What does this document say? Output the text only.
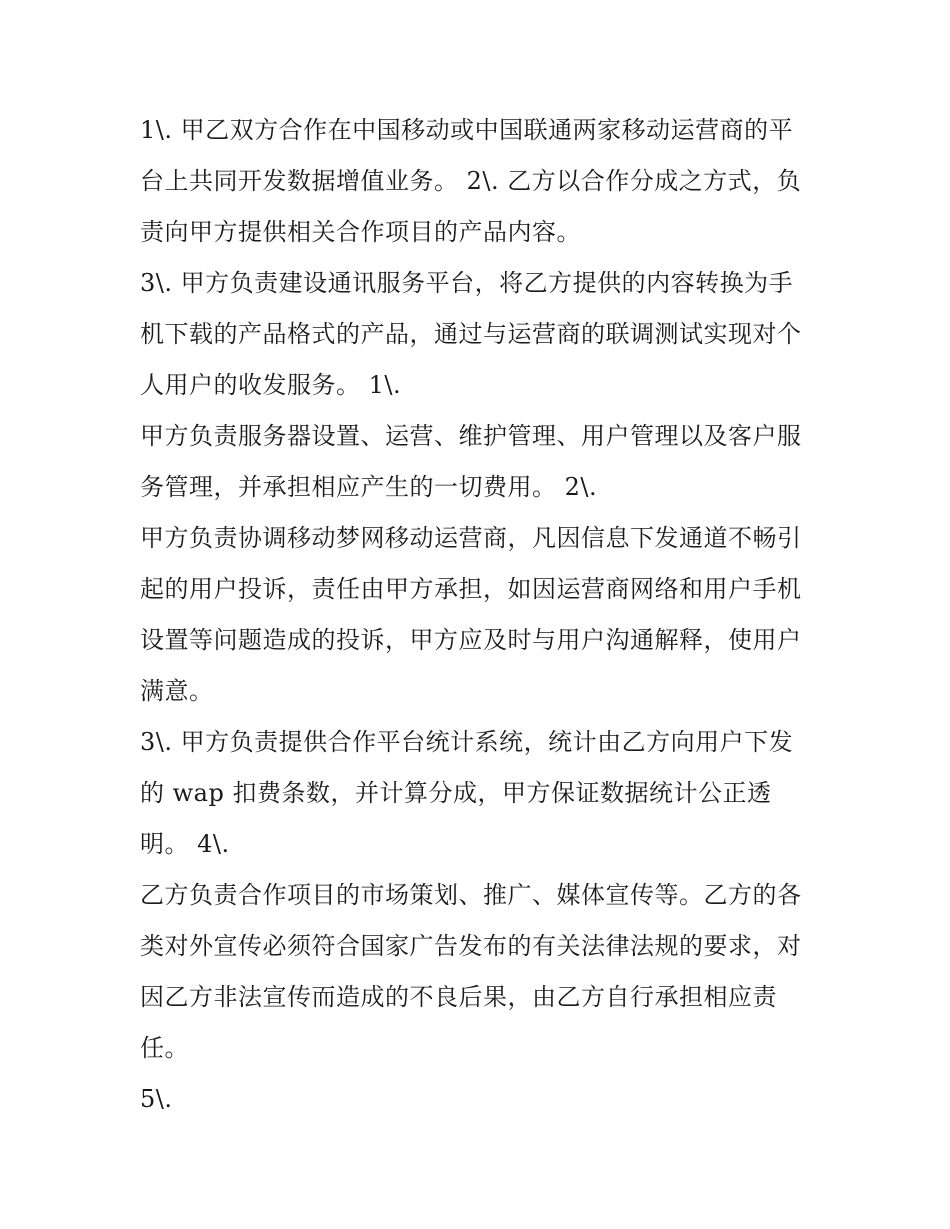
1\. 甲乙双方合作在中国移动或中国联通两家移动运营商的平
台上共同开发数据增值业务。 2\. 乙方以合作分成之方式，负
责向甲方提供相关合作项目的产品内容。
3\. 甲方负责建设通讯服务平台，将乙方提供的内容转换为手
机下载的产品格式的产品，通过与运营商的联调测试实现对个
人用户的收发服务。 1\.
甲方负责服务器设置、运营、维护管理、用户管理以及客户服
务管理，并承担相应产生的一切费用。 2\.
甲方负责协调移动梦网移动运营商，凡因信息下发通道不畅引
起的用户投诉，责任由甲方承担，如因运营商网络和用户手机
设置等问题造成的投诉，甲方应及时与用户沟通解释，使用户
满意。
3\. 甲方负责提供合作平台统计系统，统计由乙方向用户下发
的 wap 扣费条数，并计算分成，甲方保证数据统计公正透
明。 4\.
乙方负责合作项目的市场策划、推广、媒体宣传等。乙方的各
类对外宣传必须符合国家广告发布的有关法律法规的要求，对
因乙方非法宣传而造成的不良后果，由乙方自行承担相应责
任。
5\.
